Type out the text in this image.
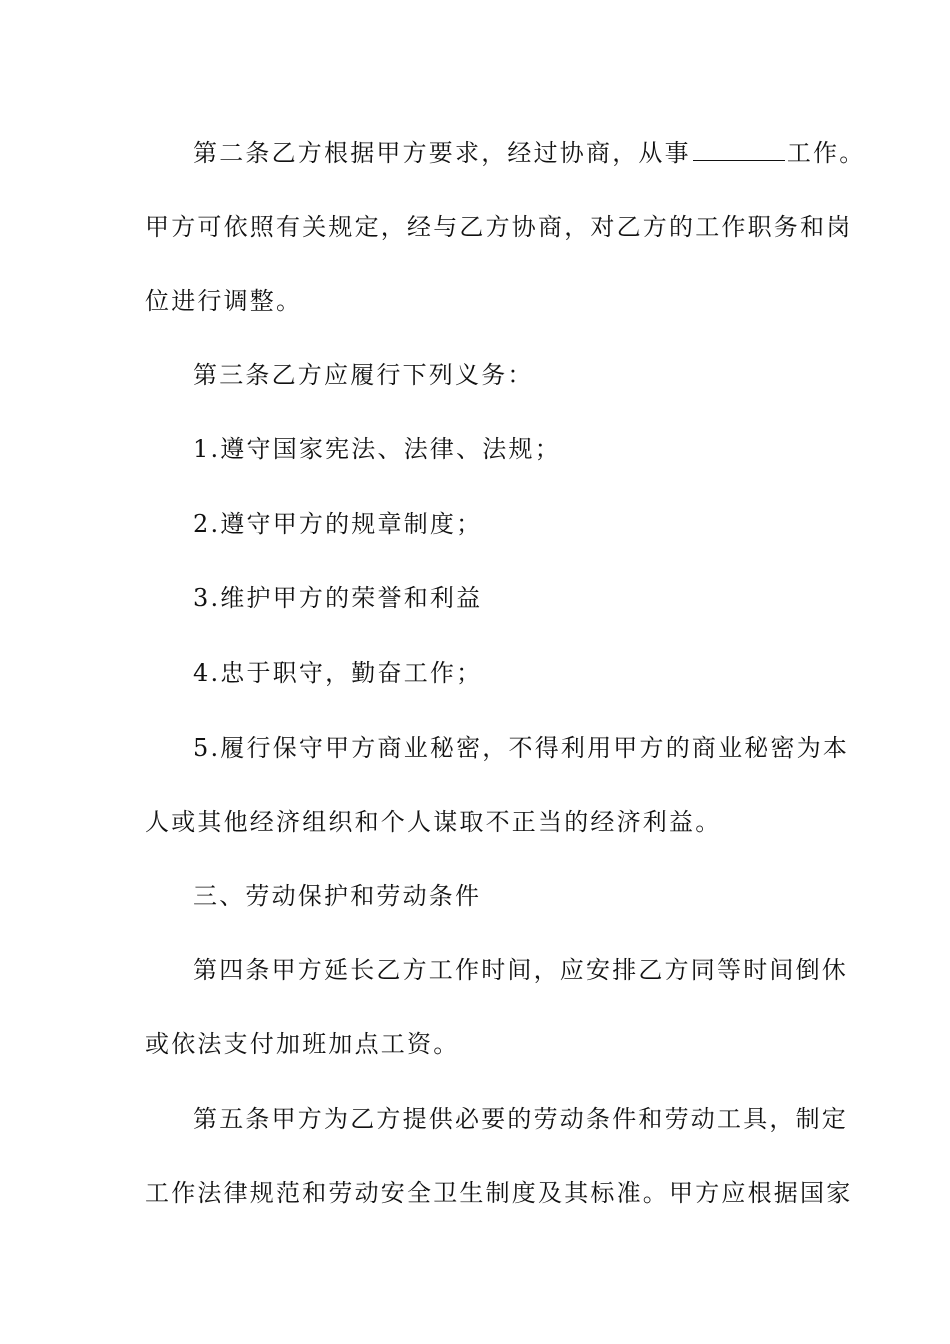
第二条乙方根据甲方要求，经过协商，从事	工作。
甲方可依照有关规定，经与乙方协商，对乙方的工作职务和岗
位进行调整。
第三条乙方应履行下列义务：
1.遵守国家宪法、法律、法规；
2.遵守甲方的规章制度；
3.维护甲方的荣誉和利益
4.忠于职守，勤奋工作；
5.履行保守甲方商业秘密，不得利用甲方的商业秘密为本
人或其他经济组织和个人谋取不正当的经济利益。
三、劳动保护和劳动条件
第四条甲方延长乙方工作时间，应安排乙方同等时间倒休
或依法支付加班加点工资。
第五条甲方为乙方提供必要的劳动条件和劳动工具，制定
工作法律规范和劳动安全卫生制度及其标准。甲方应根据国家
